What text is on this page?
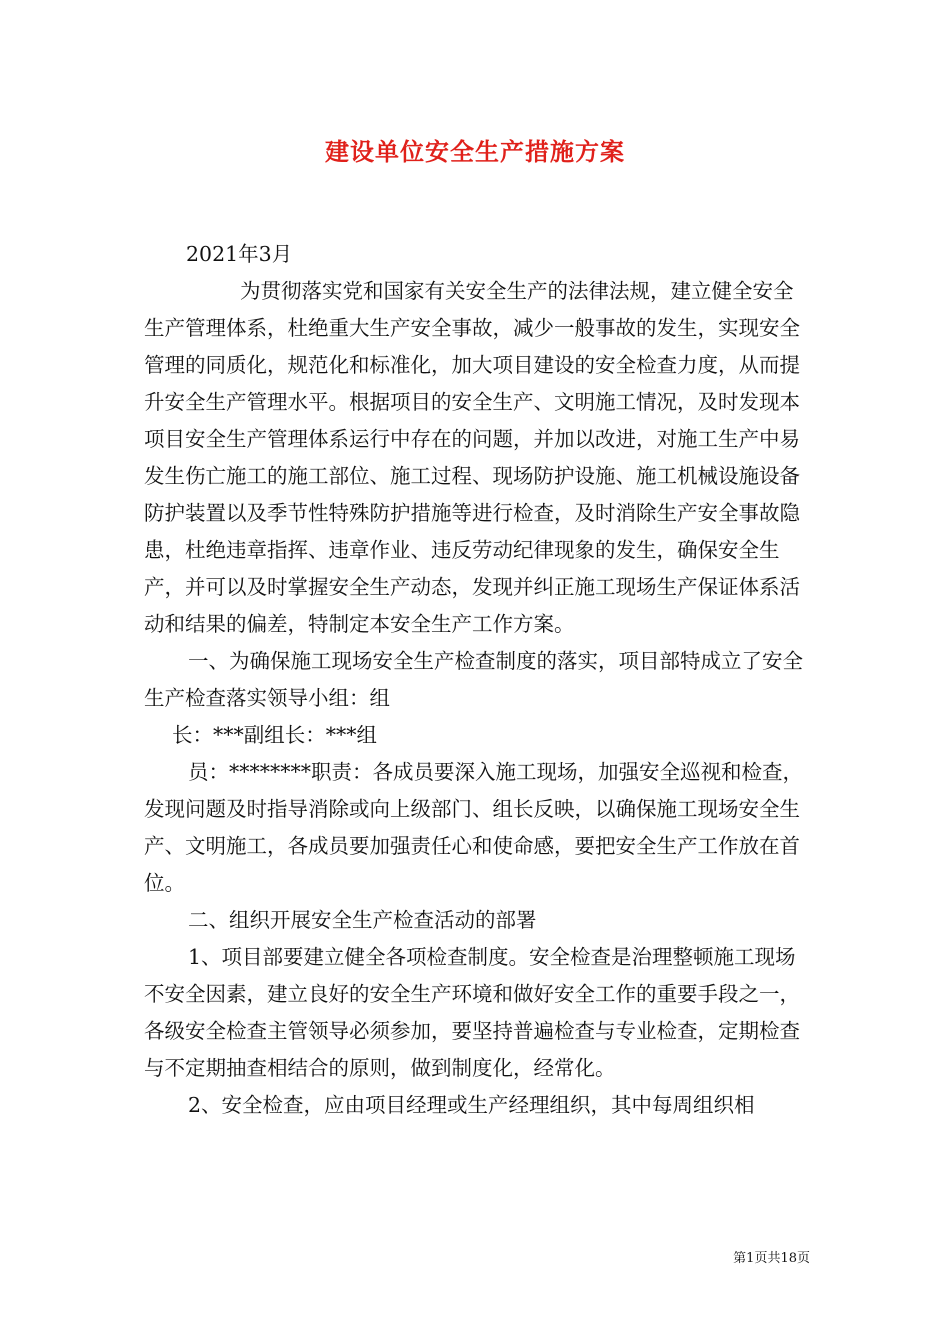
建设单位安全生产措施方案

2021年3月

为贯彻落实党和国家有关安全生产的法律法规，建立健全安全生产管理体系，杜绝重大生产安全事故，减少一般事故的发生，实现安全管理的同质化，规范化和标准化，加大项目建设的安全检查力度，从而提升安全生产管理水平。根据项目的安全生产、文明施工情况，及时发现本项目安全生产管理体系运行中存在的问题，并加以改进，对施工生产中易发生伤亡施工的施工部位、施工过程、现场防护设施、施工机械设施设备防护装置以及季节性特殊防护措施等进行检查，及时消除生产安全事故隐患，杜绝违章指挥、违章作业、违反劳动纪律现象的发生，确保安全生产，并可以及时掌握安全生产动态，发现并纠正施工现场生产保证体系活动和结果的偏差，特制定本安全生产工作方案。

一、为确保施工现场安全生产检查制度的落实，项目部特成立了安全生产检查落实领导小组：组

长：***副组长：***组

员：********职责：各成员要深入施工现场，加强安全巡视和检查，发现问题及时指导消除或向上级部门、组长反映，以确保施工现场安全生产、文明施工，各成员要加强责任心和使命感，要把安全生产工作放在首位。

二、组织开展安全生产检查活动的部署

1、项目部要建立健全各项检查制度。安全检查是治理整顿施工现场不安全因素，建立良好的安全生产环境和做好安全工作的重要手段之一，各级安全检查主管领导必须参加，要坚持普遍检查与专业检查，定期检查与不定期抽查相结合的原则，做到制度化，经常化。

2、安全检查，应由项目经理或生产经理组织，其中每周组织相

第1页共18页
